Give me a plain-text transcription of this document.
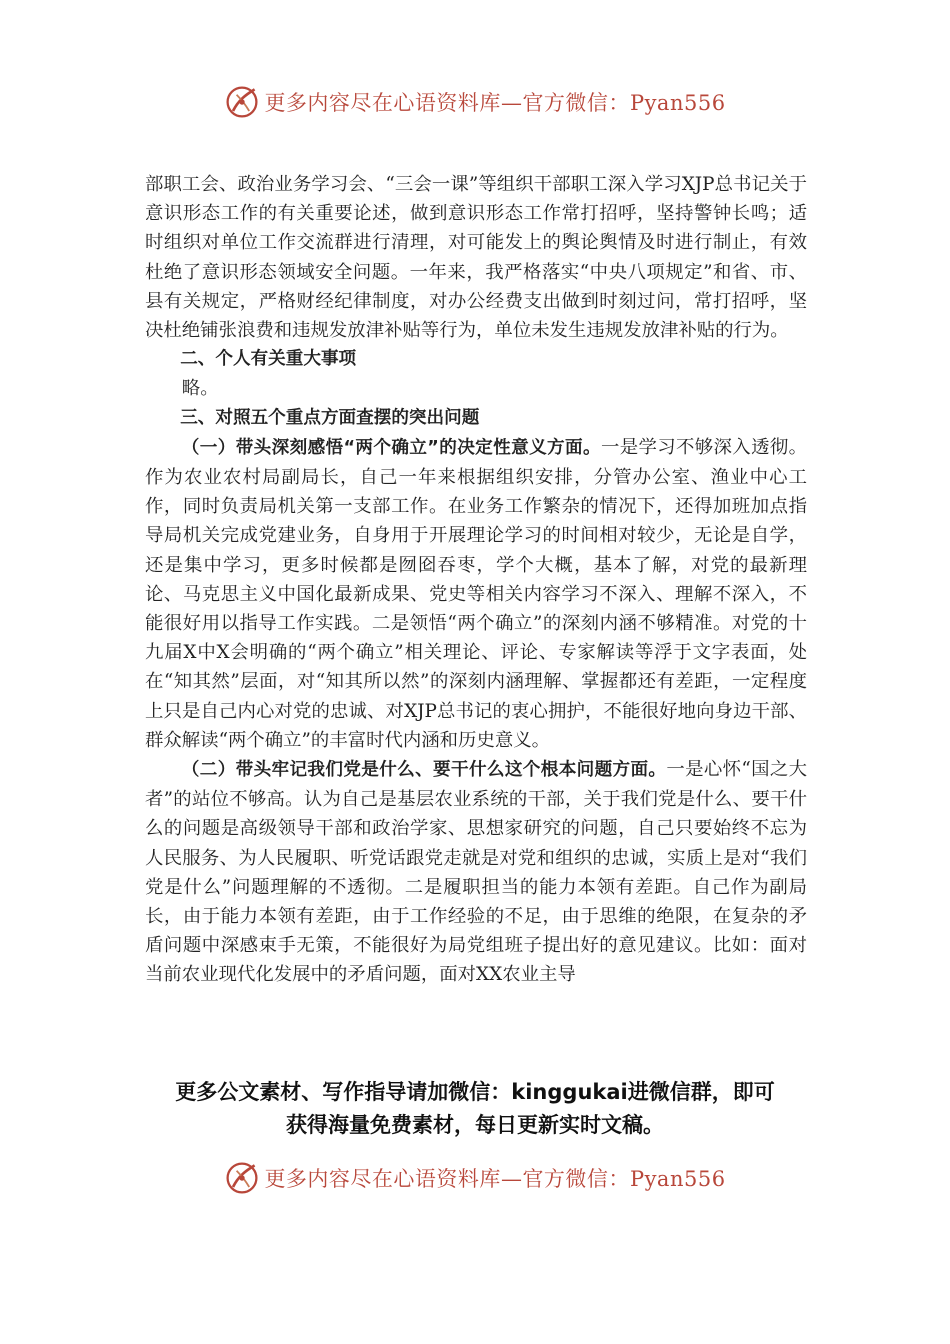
更多内容尽在心语资料库—官方微信：Pyan556

部职工会、政治业务学习会、“三会一课”等组织干部职工深入学习XJP总书记关于意识形态工作的有关重要论述，做到意识形态工作常打招呼，坚持警钟长鸣；适时组织对单位工作交流群进行清理，对可能发上的舆论舆情及时进行制止，有效杜绝了意识形态领域安全问题。一年来，我严格落实“中央八项规定”和省、市、县有关规定，严格财经纪律制度，对办公经费支出做到时刻过问，常打招呼，坚决杜绝铺张浪费和违规发放津补贴等行为，单位未发生违规发放津补贴的行为。

二、个人有关重大事项

略。

三、对照五个重点方面查摆的突出问题

（一）带头深刻感悟“两个确立”的决定性意义方面。一是学习不够深入透彻。作为农业农村局副局长，自己一年来根据组织安排，分管办公室、渔业中心工作，同时负责局机关第一支部工作。在业务工作繁杂的情况下，还得加班加点指导局机关完成党建业务，自身用于开展理论学习的时间相对较少，无论是自学，还是集中学习，更多时候都是囫囵吞枣，学个大概，基本了解，对党的最新理论、马克思主义中国化最新成果、党史等相关内容学习不深入、理解不深入，不能很好用以指导工作实践。二是领悟“两个确立”的深刻内涵不够精准。对党的十九届X中X会明确的“两个确立”相关理论、评论、专家解读等浮于文字表面，处在“知其然”层面，对“知其所以然”的深刻内涵理解、掌握都还有差距，一定程度上只是自己内心对党的忠诚、对XJP总书记的衷心拥护，不能很好地向身边干部、群众解读“两个确立”的丰富时代内涵和历史意义。

（二）带头牢记我们党是什么、要干什么这个根本问题方面。一是心怀“国之大者”的站位不够高。认为自己是基层农业系统的干部，关于我们党是什么、要干什么的问题是高级领导干部和政治学家、思想家研究的问题，自己只要始终不忘为人民服务、为人民履职、听党话跟党走就是对党和组织的忠诚，实质上是对“我们党是什么”问题理解的不透彻。二是履职担当的能力本领有差距。自己作为副局长，由于能力本领有差距，由于工作经验的不足，由于思维的绝限，在复杂的矛盾问题中深感束手无策，不能很好为局党组班子提出好的意见建议。比如：面对当前农业现代化发展中的矛盾问题，面对XX农业主导

更多公文素材、写作指导请加微信：kinggukai进微信群，即可
获得海量免费素材，每日更新实时文稿。
更多内容尽在心语资料库—官方微信：Pyan556
